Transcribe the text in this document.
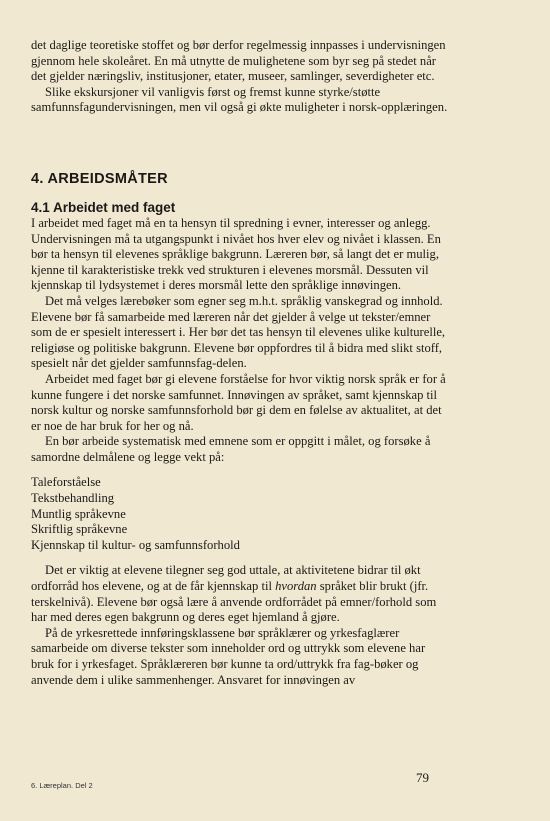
det daglige teoretiske stoffet og bør derfor regelmessig innpasses i undervisningen gjennom hele skoleåret. En må utnytte de mulighetene som byr seg på stedet når det gjelder næringsliv, institusjoner, etater, museer, samlinger, severdigheter etc.

Slike ekskursjoner vil vanligvis først og fremst kunne styrke/støtte samfunnsfagundervisningen, men vil også gi økte muligheter i norsk-opplæringen.

4. ARBEIDSMÅTER
4.1 Arbeidet med faget

I arbeidet med faget må en ta hensyn til spredning i evner, interesser og anlegg. Undervisningen må ta utgangspunkt i nivået hos hver elev og nivået i klassen. En bør ta hensyn til elevenes språklige bakgrunn. Læreren bør, så langt det er mulig, kjenne til karakteristiske trekk ved strukturen i elevenes morsmål. Dessuten vil kjennskap til lydsystemet i deres morsmål lette den språklige innøvingen.

Det må velges lærebøker som egner seg m.h.t. språklig vanskegrad og innhold. Elevene bør få samarbeide med læreren når det gjelder å velge ut tekster/emner som de er spesielt interessert i. Her bør det tas hensyn til elevenes ulike kulturelle, religiøse og politiske bakgrunn. Elevene bør oppfordres til å bidra med slikt stoff, spesielt når det gjelder samfunnsfag-delen.

Arbeidet med faget bør gi elevene forståelse for hvor viktig norsk språk er for å kunne fungere i det norske samfunnet. Innøvingen av språket, samt kjennskap til norsk kultur og norske samfunnsforhold bør gi dem en følelse av aktualitet, at det er noe de har bruk for her og nå.

En bør arbeide systematisk med emnene som er oppgitt i målet, og forsøke å samordne delmålene og legge vekt på:

Taleforståelse
Tekstbehandling
Muntlig språkevne
Skriftlig språkevne
Kjennskap til kultur- og samfunnsforhold

Det er viktig at elevene tilegner seg god uttale, at aktivitetene bidrar til økt ordforråd hos elevene, og at de får kjennskap til hvordan språket blir brukt (jfr. terskelnivå). Elevene bør også lære å anvende ordforrådet på emner/forhold som har med deres egen bakgrunn og deres eget hjemland å gjøre.

På de yrkesrettede innføringsklassene bør språklærer og yrkesfaglærer samarbeide om diverse tekster som inneholder ord og uttrykk som elevene har bruk for i yrkesfaget. Språklæreren bør kunne ta ord/uttrykk fra fag-bøker og anvende dem i ulike sammenhenger. Ansvaret for innøvingen av

6. Læreplan. Del 2
79
